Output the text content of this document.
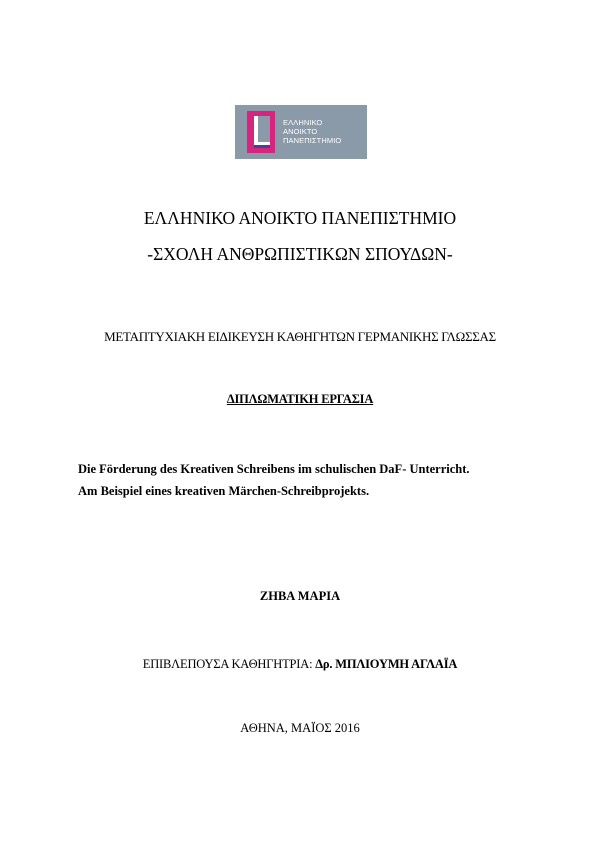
ΕΛΛΗΝΙΚΟ
ΑΝΟΙΚΤΟ
ΠΑΝΕΠΙΣΤΗΜΙΟ
ΕΛΛΗΝΙΚΟ ΑΝΟΙΚΤΟ ΠΑΝΕΠΙΣΤΗΜΙΟ
-ΣΧΟΛΗ ΑΝΘΡΩΠΙΣΤΙΚΩΝ ΣΠΟΥΔΩΝ-
ΜΕΤΑΠΤΥΧΙΑΚΗ ΕΙΔΙΚΕΥΣΗ ΚΑΘΗΓΗΤΩΝ ΓΕΡΜΑΝΙΚΗΣ ΓΛΩΣΣΑΣ
ΔΙΠΛΩΜΑΤΙΚΗ ΕΡΓΑΣΙΑ
Die Förderung des Kreativen Schreibens im schulischen DaF- Unterricht.
Am Beispiel eines kreativen Märchen-Schreibprojekts.
ΖΗΒΑ ΜΑΡΙΑ
ΕΠΙΒΛΕΠΟΥΣΑ ΚΑΘΗΓΗΤΡΙΑ: Δρ. ΜΠΛΙΟΥΜΗ ΑΓΛΑΪΑ
ΑΘΗΝΑ, ΜΑΪΟΣ 2016
